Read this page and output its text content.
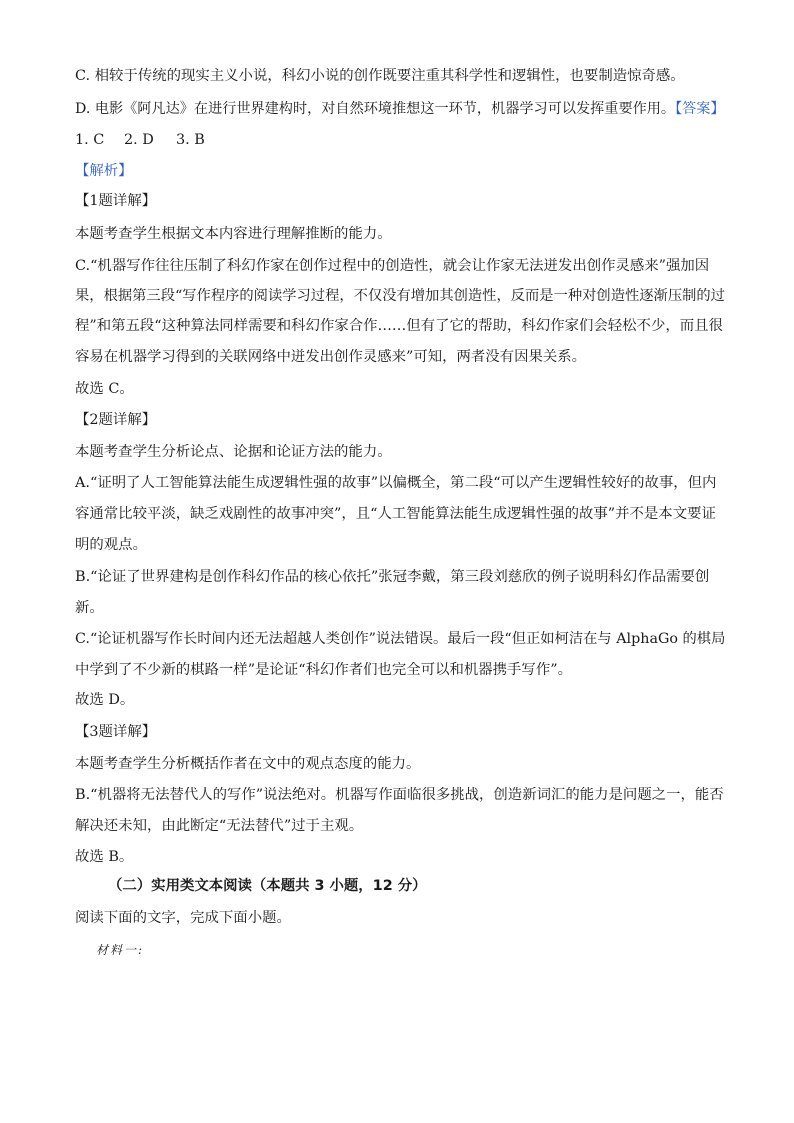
C. 相较于传统的现实主义小说，科幻小说的创作既要注重其科学性和逻辑性，也要制造惊奇感。
D. 电影《阿凡达》在进行世界建构时，对自然环境推想这一环节，机器学习可以发挥重要作用。【答案】
1. C 2. D 3. B
【解析】
【1题详解】
本题考查学生根据文本内容进行理解推断的能力。
C.“机器写作往往压制了科幻作家在创作过程中的创造性，就会让作家无法迸发出创作灵感来”强加因
果，根据第三段“写作程序的阅读学习过程，不仅没有增加其创造性，反而是一种对创造性逐渐压制的过
程”和第五段“这种算法同样需要和科幻作家合作……但有了它的帮助，科幻作家们会轻松不少，而且很
容易在机器学习得到的关联网络中迸发出创作灵感来”可知，两者没有因果关系。
故选 C。
【2题详解】
本题考查学生分析论点、论据和论证方法的能力。
A.“证明了人工智能算法能生成逻辑性强的故事”以偏概全，第二段“可以产生逻辑性较好的故事，但内
容通常比较平淡，缺乏戏剧性的故事冲突”，且“人工智能算法能生成逻辑性强的故事”并不是本文要证
明的观点。
B.“论证了世界建构是创作科幻作品的核心依托”张冠李戴，第三段刘慈欣的例子说明科幻作品需要创
新。
C.“论证机器写作长时间内还无法超越人类创作”说法错误。最后一段“但正如柯洁在与 AlphaGo 的棋局
中学到了不少新的棋路一样”是论证“科幻作者们也完全可以和机器携手写作”。
故选 D。
【3题详解】
本题考查学生分析概括作者在文中的观点态度的能力。
B.“机器将无法替代人的写作”说法绝对。机器写作面临很多挑战，创造新词汇的能力是问题之一，能否
解决还未知，由此断定“无法替代”过于主观。
故选 B。
（二）实用类文本阅读（本题共 3 小题，12 分）
阅读下面的文字，完成下面小题。
材料一:
